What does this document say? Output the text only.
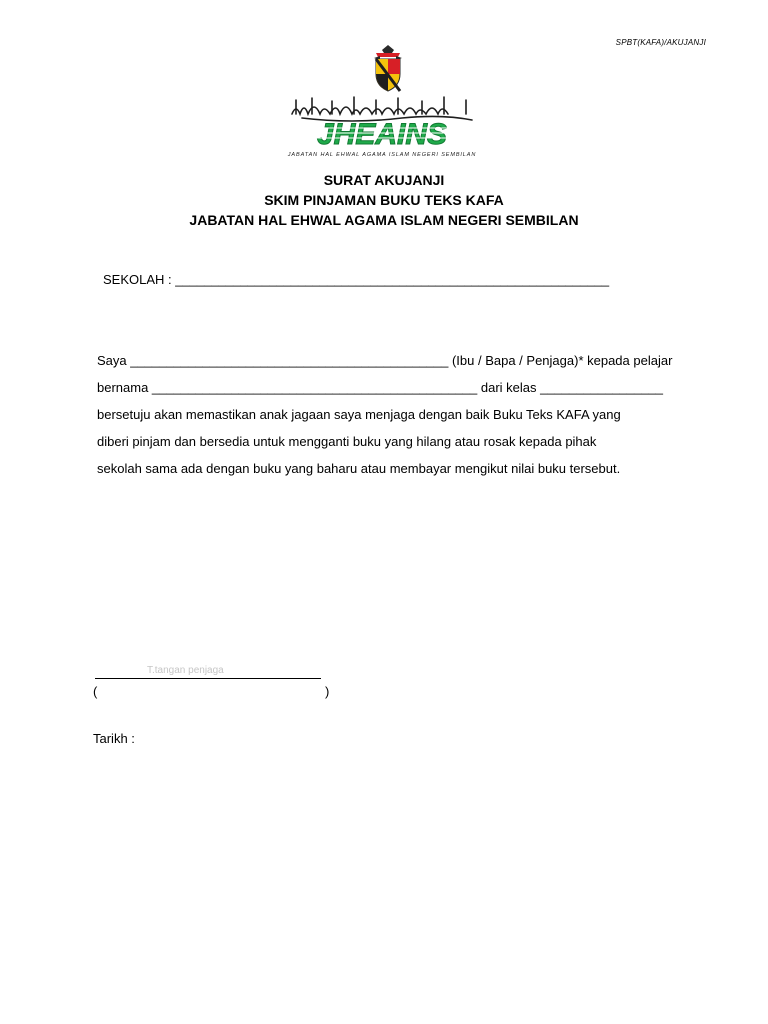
SPBT(KAFA)/AKUJANJI
JHEAINS
JABATAN HAL EHWAL AGAMA ISLAM NEGERI SEMBILAN
SURAT AKUJANJI
SKIM PINJAMAN BUKU TEKS KAFA
JABATAN HAL EHWAL AGAMA ISLAM NEGERI SEMBILAN
SEKOLAH : ____________________________________________________________
Saya ____________________________________________ (Ibu / Bapa / Penjaga)* kepada pelajar
bernama _____________________________________________ dari kelas _________________
bersetuju akan memastikan anak jagaan saya menjaga dengan baik Buku Teks KAFA yang
diberi pinjam dan bersedia untuk mengganti buku yang hilang atau rosak kepada pihak
sekolah sama ada dengan buku yang baharu atau membayar mengikut nilai buku tersebut.
T.tangan penjaga
(	)
Tarikh :
